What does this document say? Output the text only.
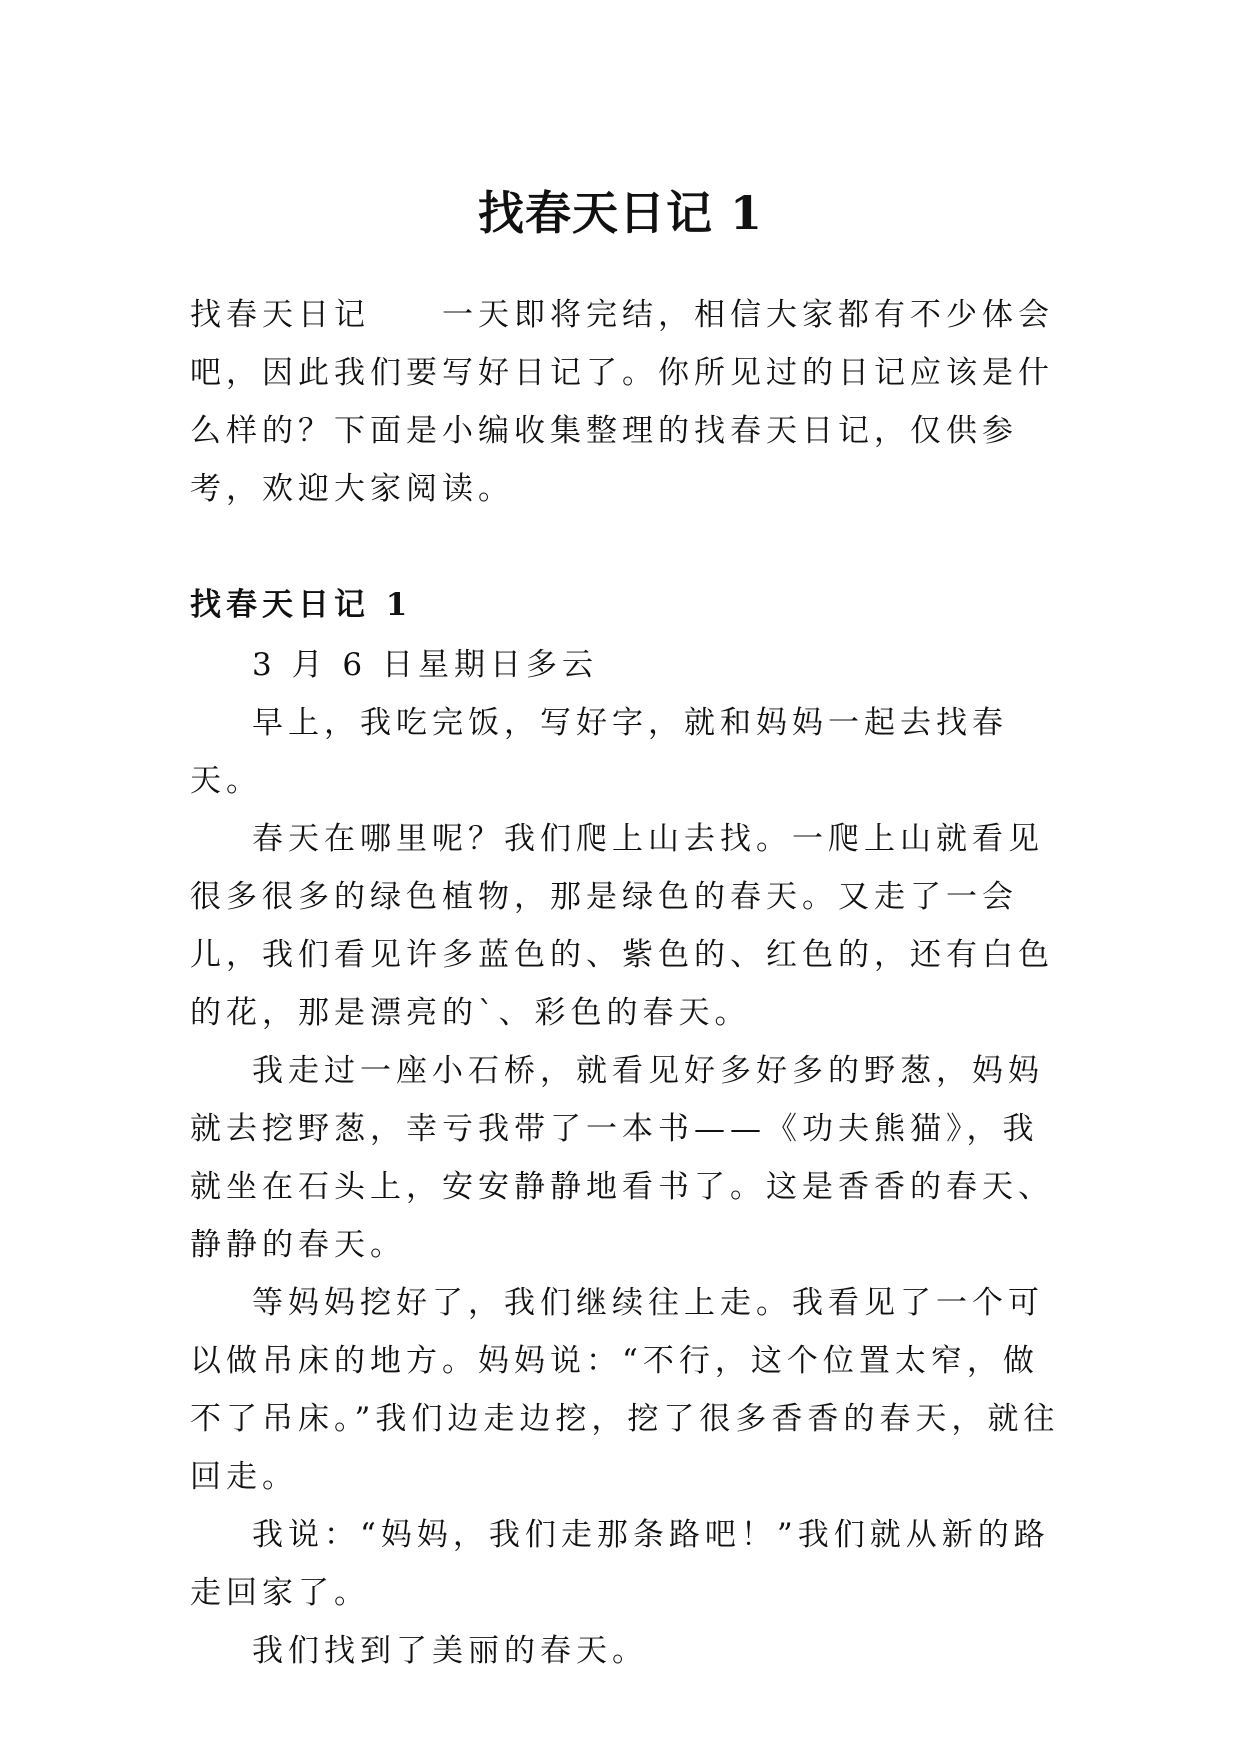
找春天日记 1

找春天日记　　一天即将完结，相信大家都有不少体会吧，因此我们要写好日记了。你所见过的日记应该是什么样的？下面是小编收集整理的找春天日记，仅供参考，欢迎大家阅读。

找春天日记 1

3 月 6 日星期日多云

早上，我吃完饭，写好字，就和妈妈一起去找春天。

春天在哪里呢？我们爬上山去找。一爬上山就看见很多很多的绿色植物，那是绿色的春天。又走了一会儿，我们看见许多蓝色的、紫色的、红色的，还有白色的花，那是漂亮的`、彩色的春天。

我走过一座小石桥，就看见好多好多的野葱，妈妈就去挖野葱，幸亏我带了一本书——《功夫熊猫》，我就坐在石头上，安安静静地看书了。这是香香的春天、静静的春天。

等妈妈挖好了，我们继续往上走。我看见了一个可以做吊床的地方。妈妈说：“不行，这个位置太窄，做不了吊床。”我们边走边挖，挖了很多香香的春天，就往回走。

我说：“妈妈，我们走那条路吧！”我们就从新的路走回家了。

我们找到了美丽的春天。
